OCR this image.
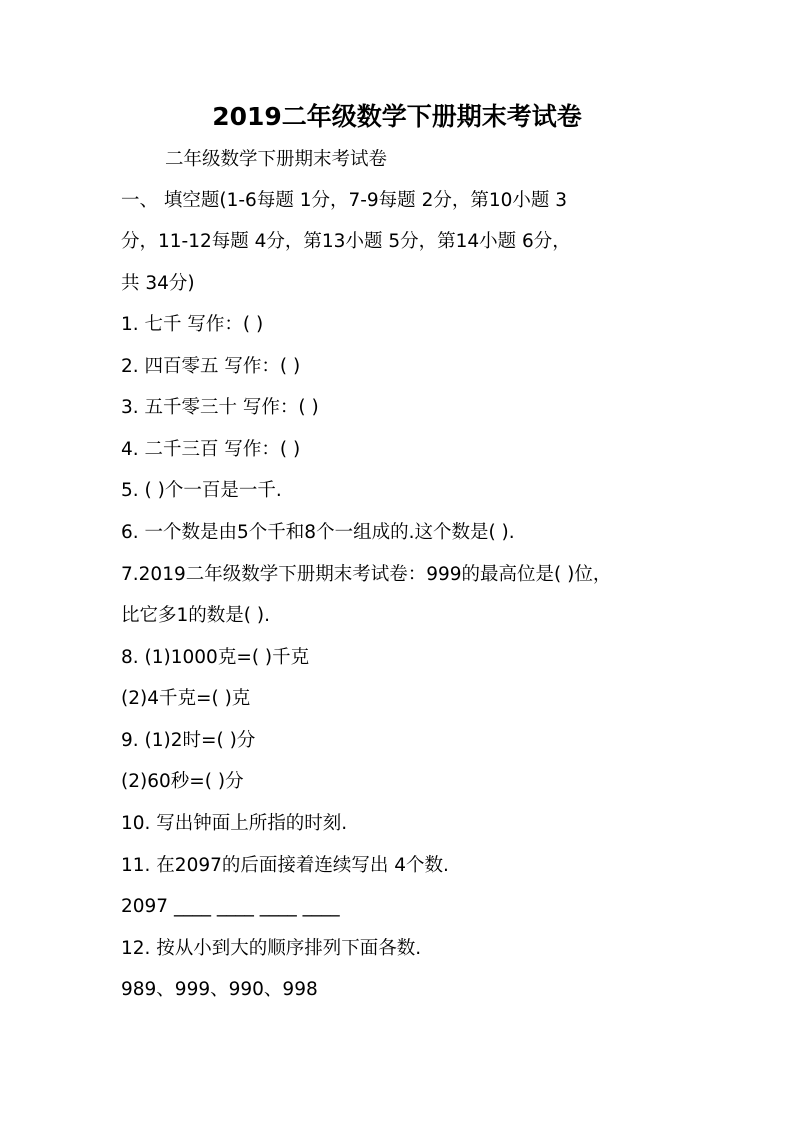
2019二年级数学下册期末考试卷
二年级数学下册期末考试卷
一、 填空题(1-6每题 1分，7-9每题 2分，第10小题 3
分，11-12每题 4分，第13小题 5分，第14小题 6分，
共 34分)
1. 七千 写作：( )
2. 四百零五 写作：( )
3. 五千零三十 写作：( )
4. 二千三百 写作：( )
5. ( )个一百是一千.
6. 一个数是由5个千和8个一组成的.这个数是( ).
7.2019二年级数学下册期末考试卷：999的最高位是( )位，
比它多1的数是( ).
8. (1)1000克=( )千克
(2)4千克=( )克
9. (1)2时=( )分
(2)60秒=( )分
10. 写出钟面上所指的时刻.
11. 在2097的后面接着连续写出 4个数.
2097 ____ ____ ____ ____
12. 按从小到大的顺序排列下面各数.
989、999、990、998
